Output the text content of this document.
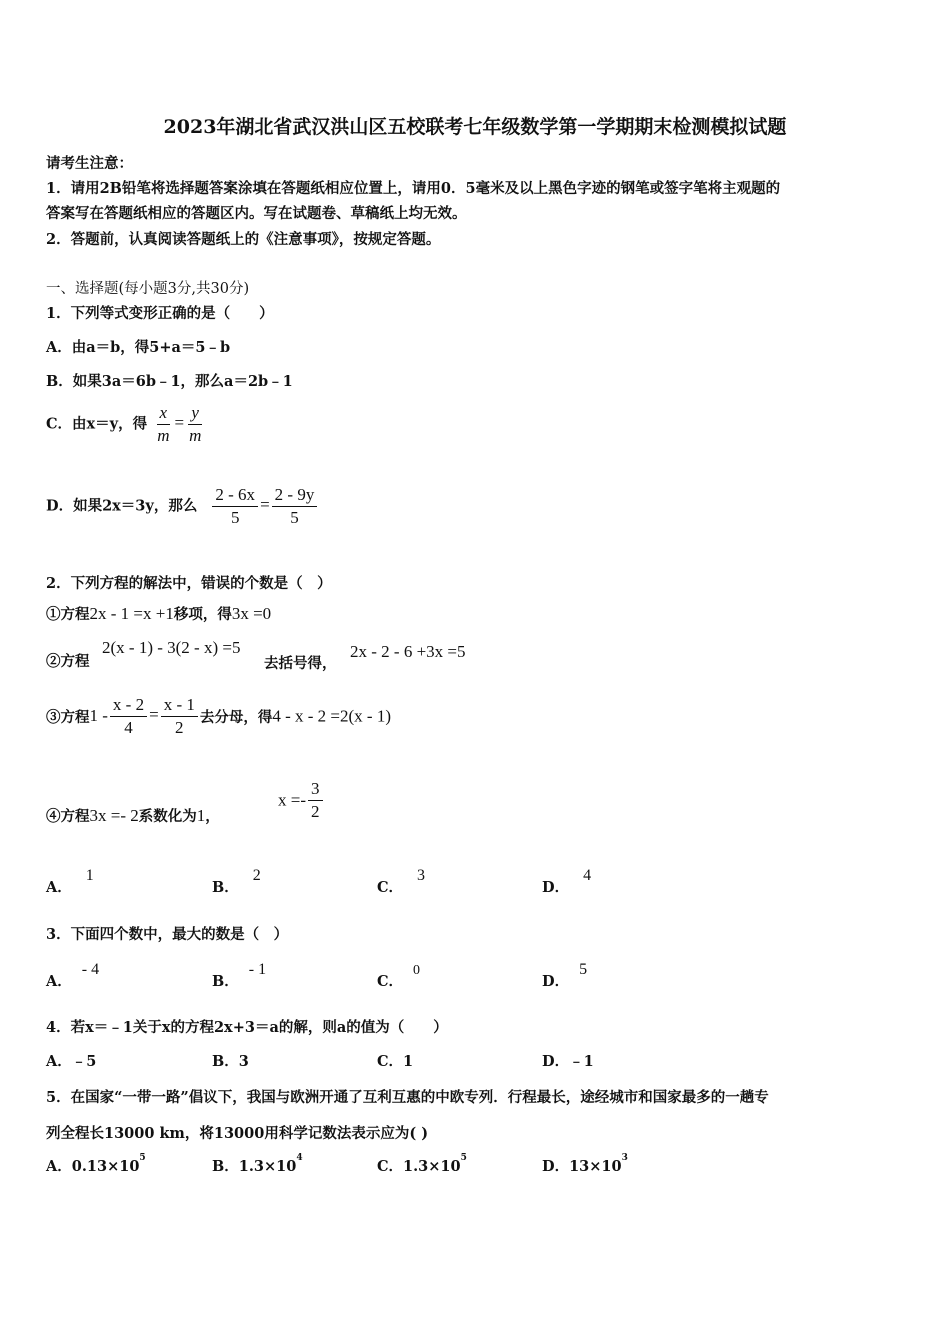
2023年湖北省武汉洪山区五校联考七年级数学第一学期期末检测模拟试题
请考生注意：
1．请用2B铅笔将选择题答案涂填在答题纸相应位置上，请用0．5毫米及以上黑色字迹的钢笔或签字笔将主观题的
答案写在答题纸相应的答题区内。写在试题卷、草稿纸上均无效。
2．答题前，认真阅读答题纸上的《注意事项》，按规定答题。
一、选择题(每小题3分,共30分)
1．下列等式变形正确的是（　　）
A．由a＝b，得5+a＝5﹣b
B．如果3a＝6b﹣1，那么a＝2b﹣1
C．由x＝y，得 $\frac{x}{m} = \frac{y}{m}$
D．如果2x＝3y，那么 $\frac{2 - 6x}{5} = \frac{2 - 9y}{5}$
2．下列方程的解法中，错误的个数是（　）
①方程2x - 1 =x +1移项，得3x =0
②方程
2(x - 1) - 3(2 - x) =5
去括号得，
2x - 2 - 6 +3x =5
③方程$1 - \frac{x - 2}{4} = \frac{x - 1}{2}$ 去分母，得4 - x - 2 =2(x - 1)
④方程3x =- 2系数化为1，
$x =- \frac{3}{2}$
A．1
B．2
C．3
D．4
3．下面四个数中，最大的数是（　）
A．- 4
B．- 1
C．0
D．5
4．若x＝﹣1关于x的方程2x+3＝a的解，则a的值为（　　）
A．﹣5	B．3	C．1	D．﹣1
5．在国家“一带一路”倡议下，我国与欧洲开通了互利互惠的中欧专列．行程最长，途经城市和国家最多的一趟专
列全程长13000 km，将13000用科学记数法表示应为( )
A．$0.13\times 10^5$	B．$1.3\times 10^4$	C．$1.3\times 10^5$	D．$13\times 10^3$
